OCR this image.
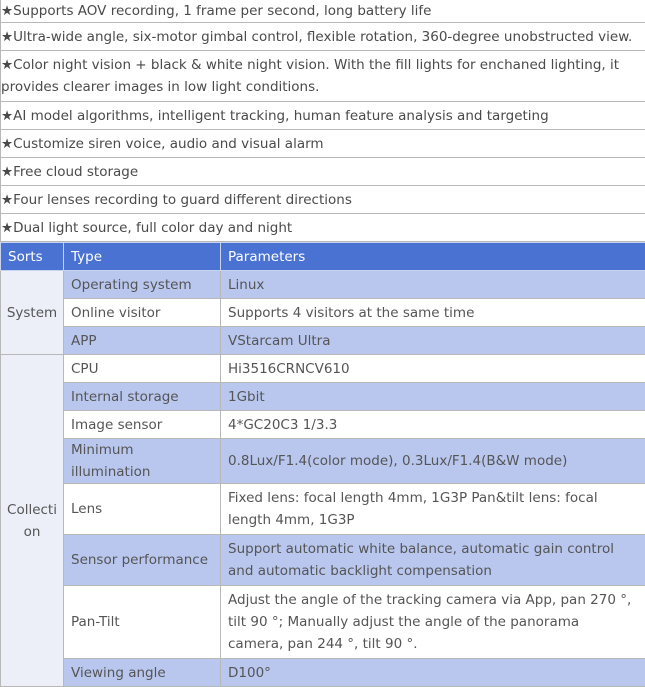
★Supports AOV recording, 1 frame per second, long battery life
★Ultra-wide angle, six-motor gimbal control, flexible rotation, 360-degree unobstructed view.
★Color night vision + black & white night vision. With the fill lights for enchaned lighting, it provides clearer images in low light conditions.
★AI model algorithms, intelligent tracking, human feature analysis and targeting
★Customize siren voice, audio and visual alarm
★Free cloud storage
★Four lenses recording to guard different directions
★Dual light source, full color day and night
Sorts	Type	Parameters
System	Operating system	Linux
	Online visitor	Supports 4 visitors at the same time
	APP	VStarcam Ultra
Collecti on	CPU	Hi3516CRNCV610
	Internal storage	1Gbit
	Image sensor	4*GC20C3 1/3.3
	Minimum illumination	0.8Lux/F1.4(color mode), 0.3Lux/F1.4(B&W mode)
	Lens	Fixed lens: focal length 4mm, 1G3P Pan&tilt lens: focal length 4mm, 1G3P
	Sensor performance	Support automatic white balance, automatic gain control and automatic backlight compensation
	Pan-Tilt	Adjust the angle of the tracking camera via App, pan 270 °, tilt 90 °; Manually adjust the angle of the panorama camera, pan 244 °, tilt 90 °.
	Viewing angle	D100°
